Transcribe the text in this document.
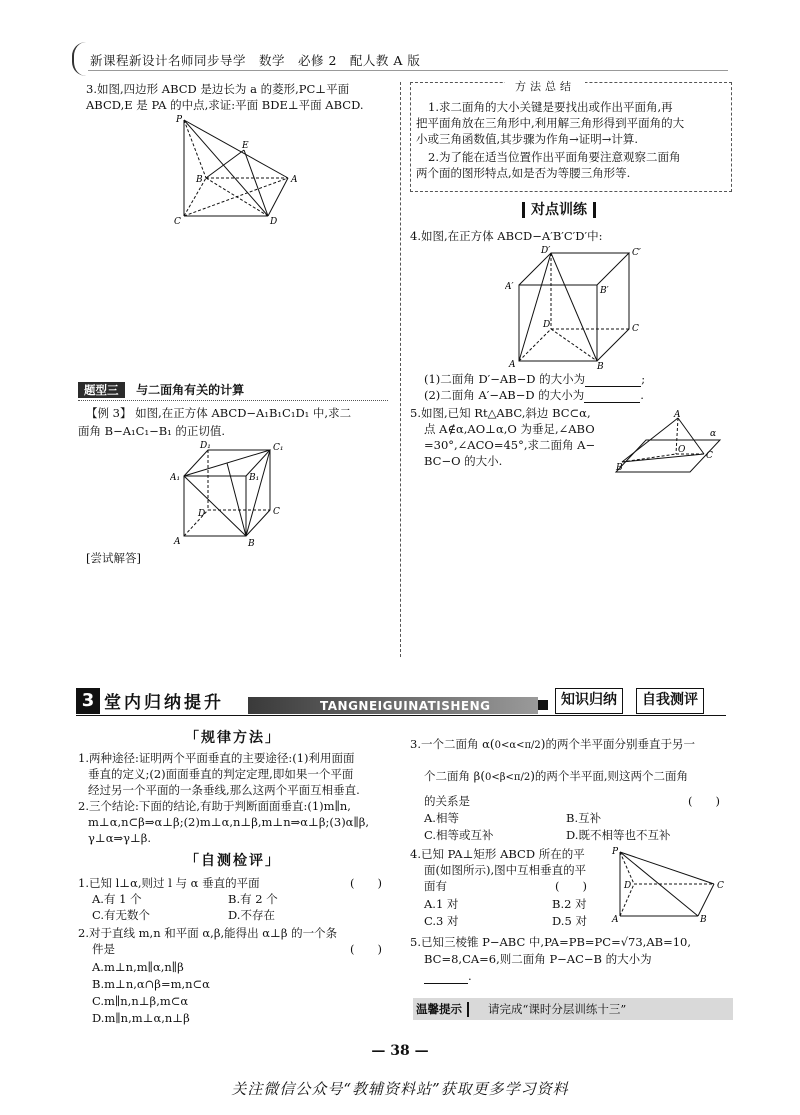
新课程新设计名师同步导学　数学　必修 2　配人教 A 版
3.如图,四边形 ABCD 是边长为 a 的菱形,PC⊥平面
ABCD,E 是 PA 的中点,求证:平面 BDE⊥平面 ABCD.
P
E
B	A
C	D
题型三 与二面角有关的计算
【例 3】 如图,在正方体 ABCD−A₁B₁C₁D₁ 中,求二
面角 B−A₁C₁−B₁ 的正切值.
D₁	C₁
A₁	B₁
D	C
A	B
[尝试解答]
方法总结
1.求二面角的大小关键是要找出或作出平面角,再
把平面角放在三角形中,利用解三角形得到平面角的大
小或三角函数值,其步骤为作角→证明→计算.
2.为了能在适当位置作出平面角要注意观察二面角
两个面的图形特点,如是否为等腰三角形等.
对点训练
4.如图,在正方体 ABCD−A′B′C′D′中:
D′	C′
A′	B′
D	C
A	B
(1)二面角 D′−AB−D 的大小为	;
(2)二面角 A′−AB−D 的大小为	.
5.如图,已知 Rt△ABC,斜边 BC⊂α,
点 A∉α,AO⊥α,O 为垂足,∠ABO
=30°,∠ACO=45°,求二面角 A−
BC−O 的大小.
A
O
C
B
α
3 堂内归纳提升	TANGNEIGUINATISHENG	知识归纳	自我测评
「规律方法」
1.两种途径:证明两个平面垂直的主要途径:(1)利用面面
垂直的定义;(2)面面垂直的判定定理,即如果一个平面
经过另一个平面的一条垂线,那么这两个平面互相垂直.
2.三个结论:下面的结论,有助于判断面面垂直:(1)m∥n,
m⊥α,n⊂β⇒α⊥β;(2)m⊥α,n⊥β,m⊥n⇒α⊥β;(3)α∥β,
γ⊥α⇒γ⊥β.
「自测检评」
1.已知 l⊥α,则过 l 与 α 垂直的平面	(　　)
A.有 1 个	B.有 2 个
C.有无数个	D.不存在
2.对于直线 m,n 和平面 α,β,能得出 α⊥β 的一个条
件是	(　　)
A.m⊥n,m∥α,n∥β
B.m⊥n,α∩β=m,n⊂α
C.m∥n,n⊥β,m⊂α
D.m∥n,m⊥α,n⊥β
3.一个二面角 α(0<α<π/2)的两个半平面分别垂直于另一
个二面角 β(0<β<π/2)的两个半平面,则这两个二面角
的关系是	(　　)
A.相等	B.互补
C.相等或互补	D.既不相等也不互补
4.已知 PA⊥矩形 ABCD 所在的平
面(如图所示),图中互相垂直的平
面有	(　　)
A.1 对	B.2 对
C.3 对	D.5 对
P
D	C
A	B
5.已知三棱锥 P−ABC 中,PA=PB=PC=√73,AB=10,
BC=8,CA=6,则二面角 P−AC−B 的大小为
.
温馨提示	请完成“课时分层训练十三”
— 38 —
关注微信公众号“教辅资料站”获取更多学习资料
